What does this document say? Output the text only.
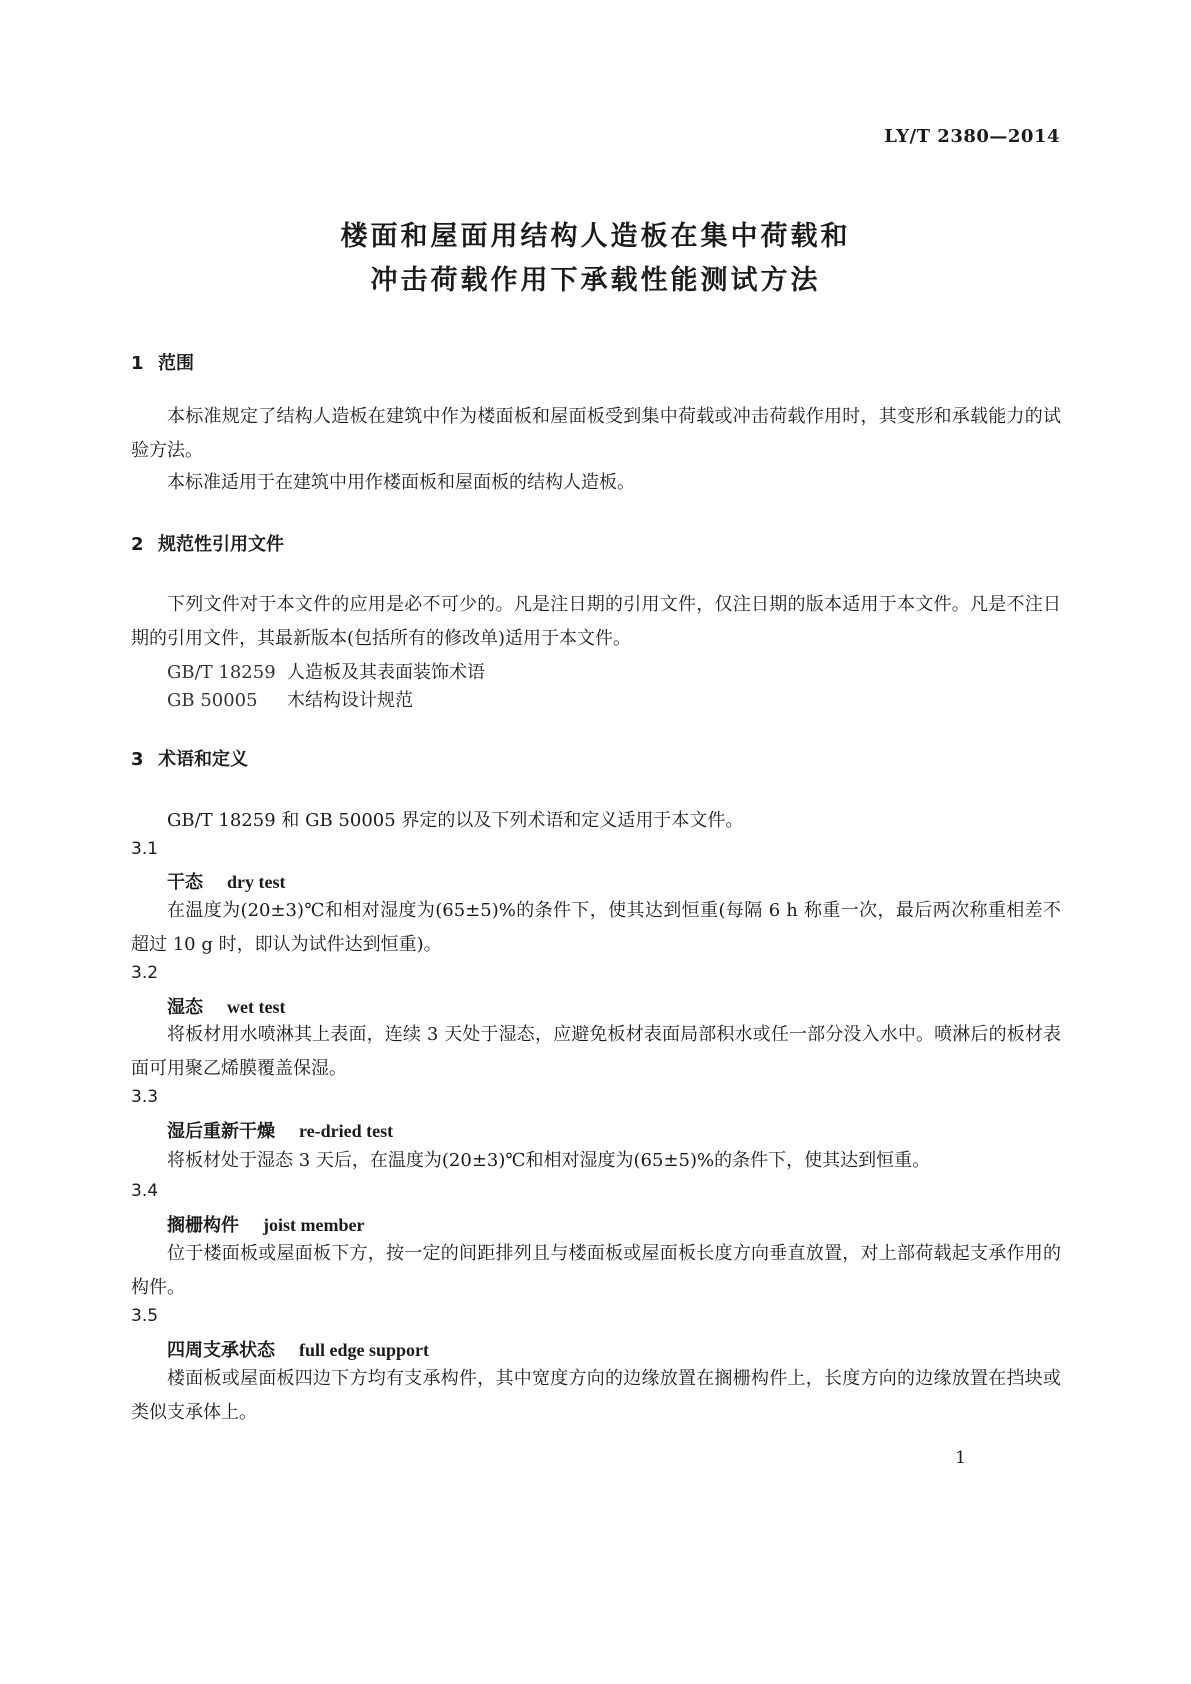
LY/T 2380—2014
楼面和屋面用结构人造板在集中荷载和
冲击荷载作用下承载性能测试方法
1 范围
本标准规定了结构人造板在建筑中作为楼面板和屋面板受到集中荷载或冲击荷载作用时，其变形和承载能力的试验方法。
本标准适用于在建筑中用作楼面板和屋面板的结构人造板。
2 规范性引用文件
下列文件对于本文件的应用是必不可少的。凡是注日期的引用文件，仅注日期的版本适用于本文件。凡是不注日期的引用文件，其最新版本(包括所有的修改单)适用于本文件。
GB/T 18259 人造板及其表面装饰术语
GB 50005 木结构设计规范
3 术语和定义
GB/T 18259 和 GB 50005 界定的以及下列术语和定义适用于本文件。
3.1
干态 dry test
在温度为(20±3)℃和相对湿度为(65±5)%的条件下，使其达到恒重(每隔 6 h 称重一次，最后两次称重相差不超过 10 g 时，即认为试件达到恒重)。
3.2
湿态 wet test
将板材用水喷淋其上表面，连续 3 天处于湿态，应避免板材表面局部积水或任一部分没入水中。喷淋后的板材表面可用聚乙烯膜覆盖保湿。
3.3
湿后重新干燥 re-dried test
将板材处于湿态 3 天后，在温度为(20±3)℃和相对湿度为(65±5)%的条件下，使其达到恒重。
3.4
搁栅构件 joist member
位于楼面板或屋面板下方，按一定的间距排列且与楼面板或屋面板长度方向垂直放置，对上部荷载起支承作用的构件。
3.5
四周支承状态 full edge support
楼面板或屋面板四边下方均有支承构件，其中宽度方向的边缘放置在搁栅构件上，长度方向的边缘放置在挡块或类似支承体上。
1
